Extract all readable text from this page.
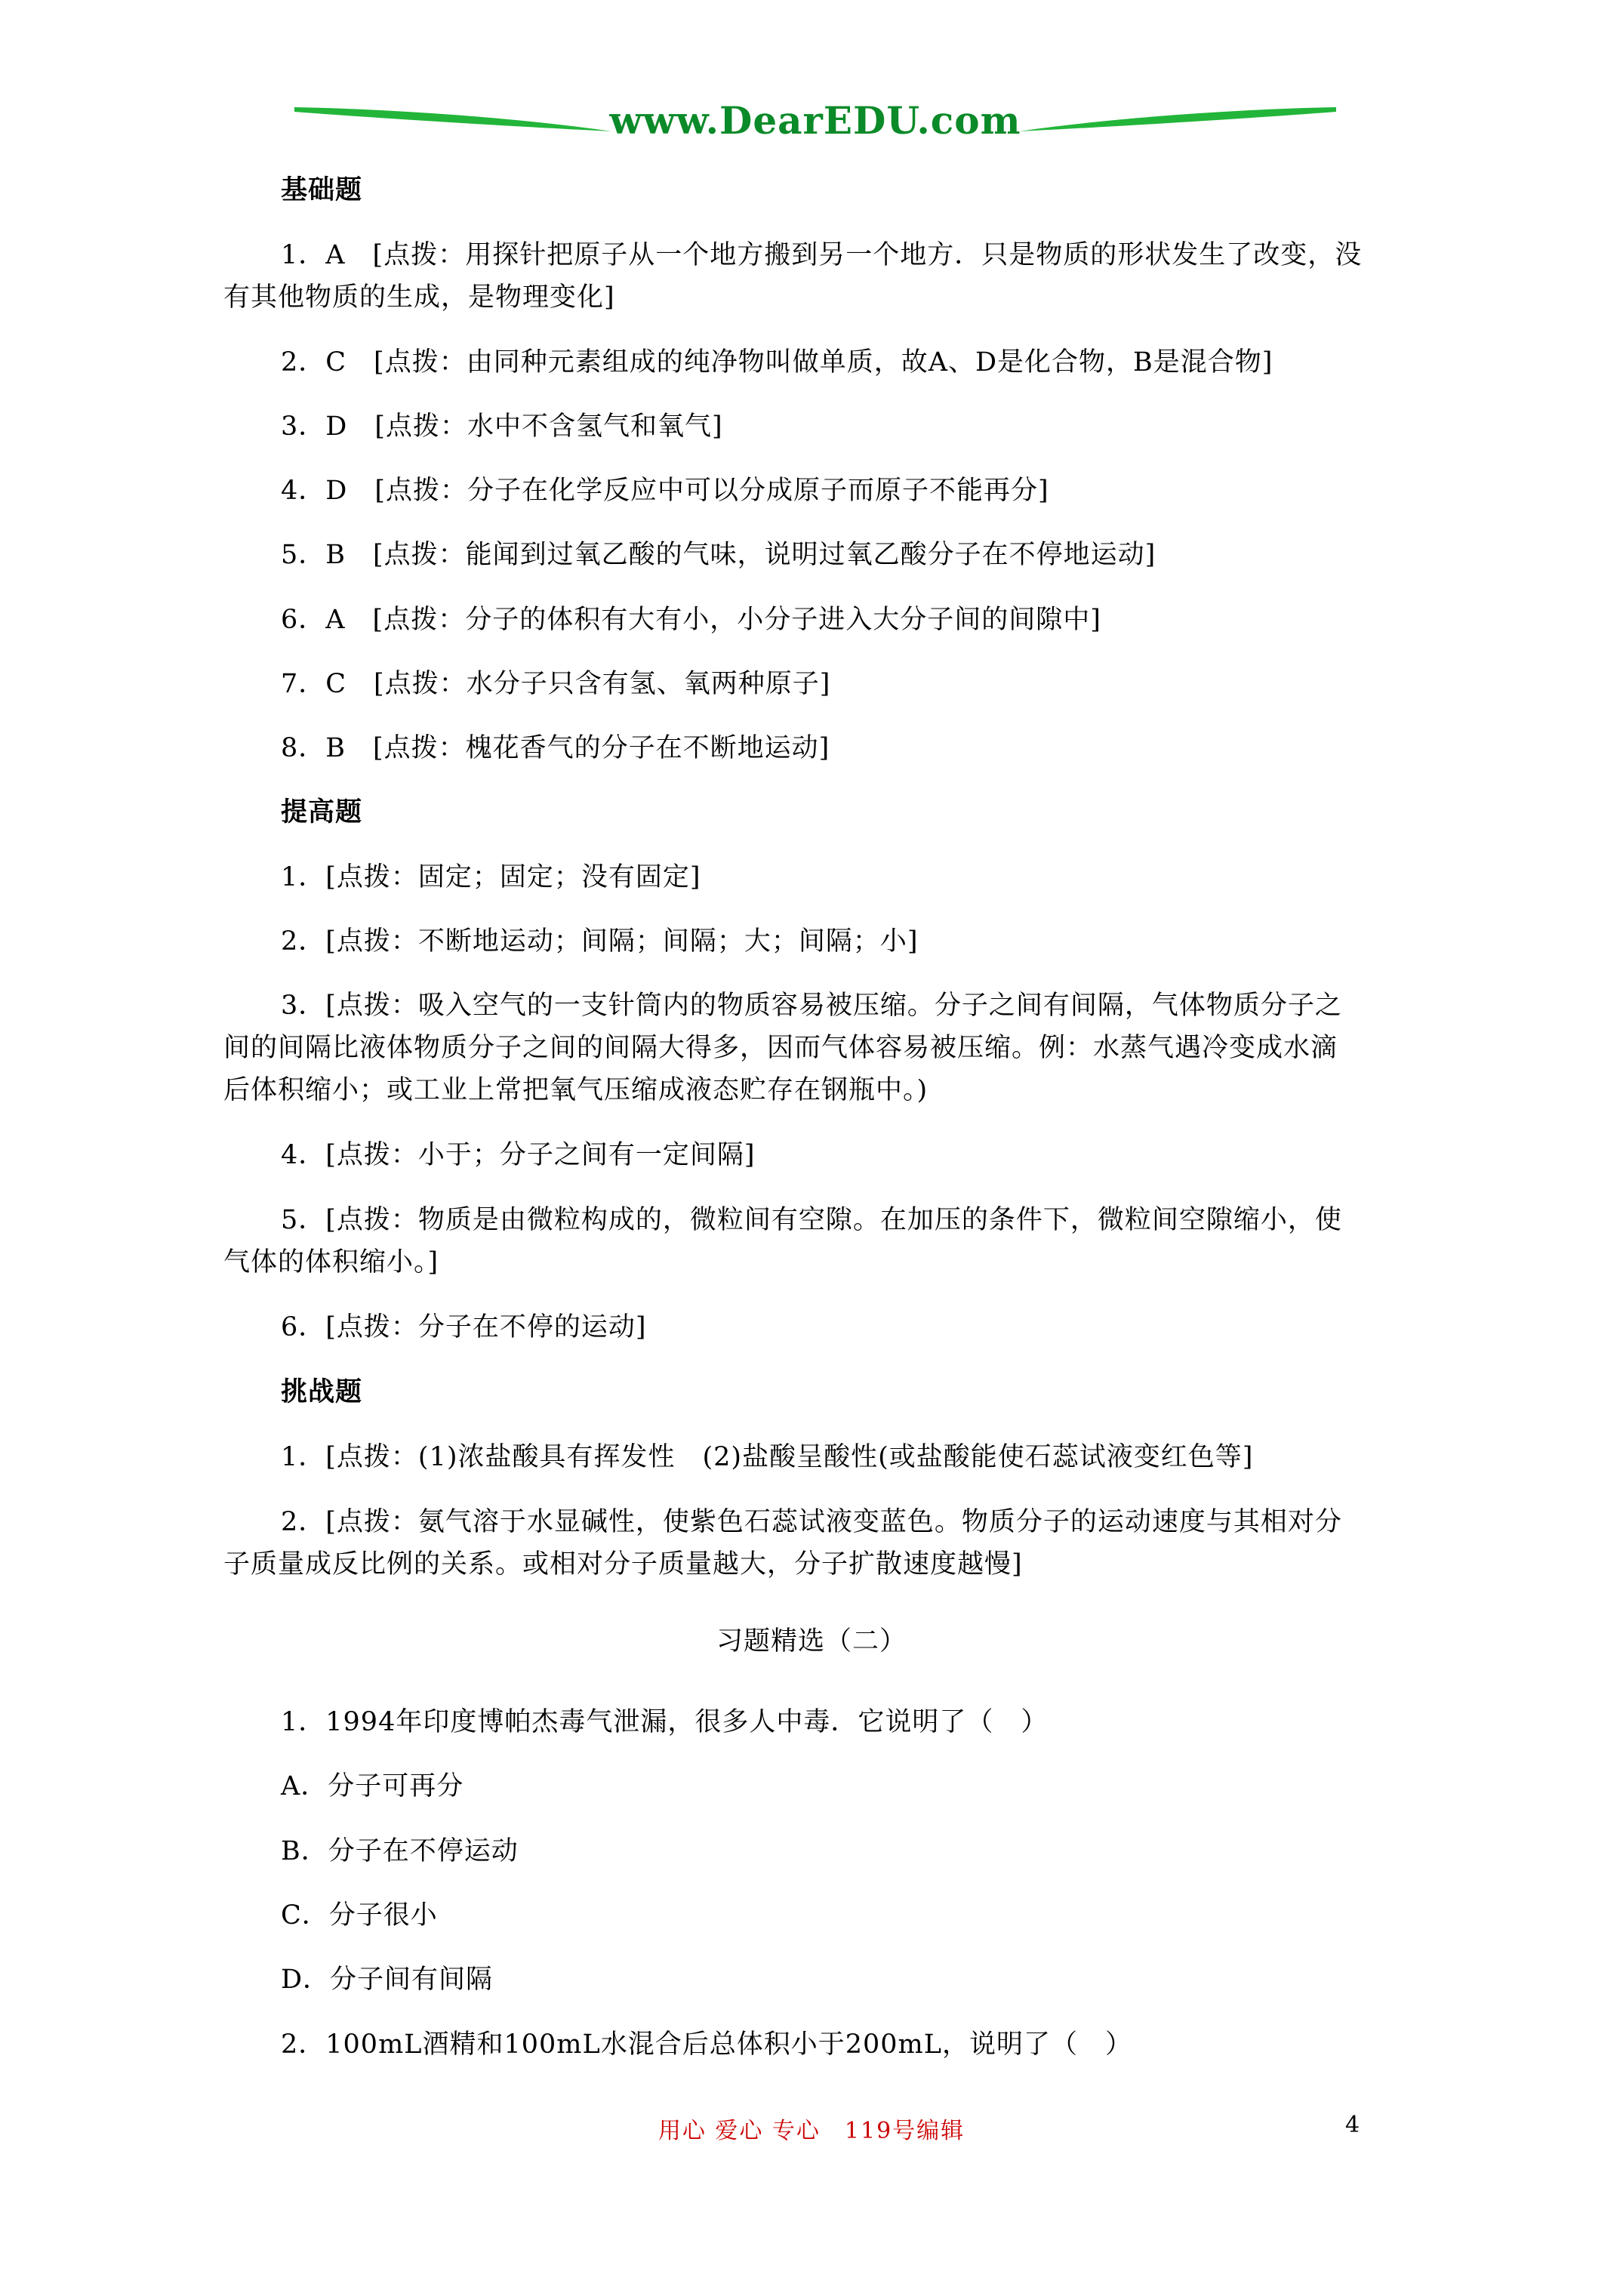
www.DearEDU.com
基础题
1．A　[点拨：用探针把原子从一个地方搬到另一个地方．只是物质的形状发生了改变，没
有其他物质的生成，是物理变化]
2．C　[点拨：由同种元素组成的纯净物叫做单质，故A、D是化合物，B是混合物]
3．D　[点拨：水中不含氢气和氧气]
4．D　[点拨：分子在化学反应中可以分成原子而原子不能再分]
5．B　[点拨：能闻到过氧乙酸的气味，说明过氧乙酸分子在不停地运动]
6．A　[点拨：分子的体积有大有小，小分子进入大分子间的间隙中]
7．C　[点拨：水分子只含有氢、氧两种原子]
8．B　[点拨：槐花香气的分子在不断地运动]
提高题
1．[点拨：固定；固定；没有固定]
2．[点拨：不断地运动；间隔；间隔；大；间隔；小]
3．[点拨：吸入空气的一支针筒内的物质容易被压缩。分子之间有间隔，气体物质分子之
间的间隔比液体物质分子之间的间隔大得多，因而气体容易被压缩。例：水蒸气遇冷变成水滴
后体积缩小；或工业上常把氧气压缩成液态贮存在钢瓶中。)
4．[点拨：小于；分子之间有一定间隔]
5．[点拨：物质是由微粒构成的，微粒间有空隙。在加压的条件下，微粒间空隙缩小，使
气体的体积缩小。]
6．[点拨：分子在不停的运动]
挑战题
1．[点拨：(1)浓盐酸具有挥发性　(2)盐酸呈酸性(或盐酸能使石蕊试液变红色等]
2．[点拨：氨气溶于水显碱性，使紫色石蕊试液变蓝色。物质分子的运动速度与其相对分
子质量成反比例的关系。或相对分子质量越大，分子扩散速度越慢]
习题精选（二）
1．1994年印度博帕杰毒气泄漏，很多人中毒．它说明了（　）
A．分子可再分
B．分子在不停运动
C．分子很小
D．分子间有间隔
2．100mL酒精和100mL水混合后总体积小于200mL，说明了（　）
用心 爱心 专心　119号编辑	4
